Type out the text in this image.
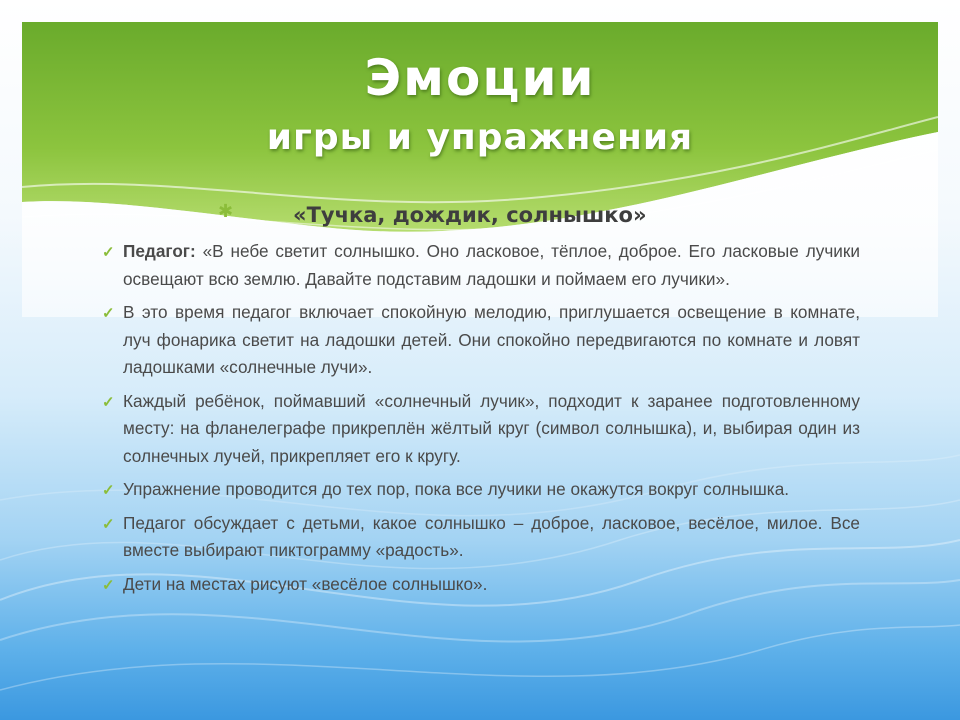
Эмоции
игры и упражнения
✱	«Тучка, дождик, солнышко»
✓ Педагог: «В небе светит солнышко. Оно ласковое, тёплое, доброе. Его ласковые лучики освещают всю землю. Давайте подставим ладошки и поймаем его лучики».
✓ В это время педагог включает спокойную мелодию, приглушается освещение в комнате, луч фонарика светит на ладошки детей. Они спокойно передвигаются по комнате и ловят ладошками «солнечные лучи».
✓ Каждый ребёнок, поймавший «солнечный лучик», подходит к заранее подготовленному месту: на фланелеграфе прикреплён жёлтый круг (символ солнышка), и, выбирая один из солнечных лучей, прикрепляет его к кругу.
✓ Упражнение проводится до тех пор, пока все лучики не окажутся вокруг солнышка.
✓ Педагог обсуждает с детьми, какое солнышко – доброе, ласковое, весёлое, милое. Все вместе выбирают пиктограмму «радость».
✓ Дети на местах рисуют «весёлое солнышко».
